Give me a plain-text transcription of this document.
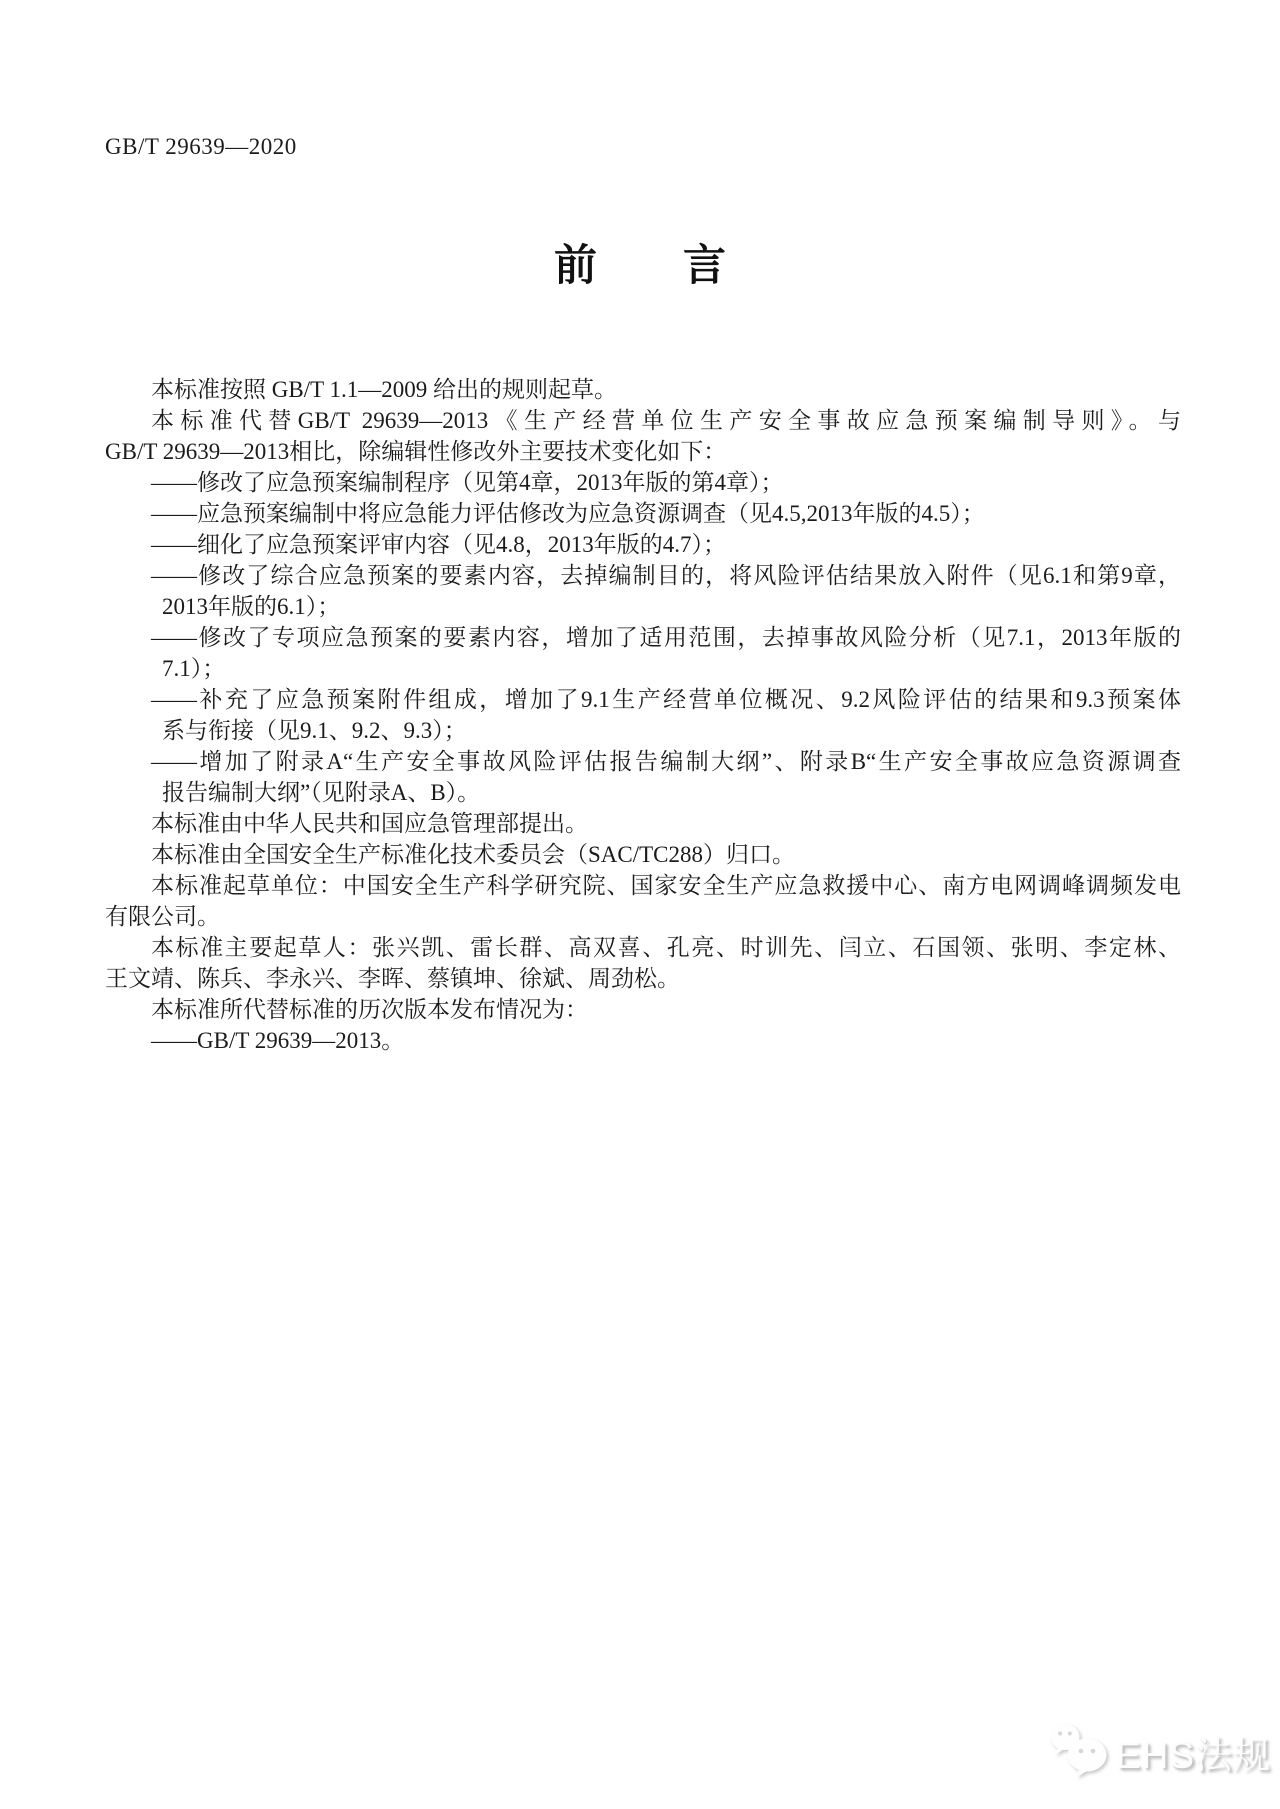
GB/T 29639—2020
前　　言
本标准按照 GB/T 1.1—2009 给出的规则起草。
本标准代替GB/T 29639—2013《生产经营单位生产安全事故应急预案编制导则》。与
GB/T 29639—2013相比，除编辑性修改外主要技术变化如下：
——修改了应急预案编制程序（见第4章，2013年版的第4章）；
——应急预案编制中将应急能力评估修改为应急资源调查（见4.5,2013年版的4.5）；
——细化了应急预案评审内容（见4.8，2013年版的4.7）；
——修改了综合应急预案的要素内容，去掉编制目的，将风险评估结果放入附件（见6.1和第9章，
2013年版的6.1）；
——修改了专项应急预案的要素内容，增加了适用范围，去掉事故风险分析（见7.1，2013年版的
7.1）；
——补充了应急预案附件组成，增加了9.1生产经营单位概况、9.2风险评估的结果和9.3预案体
系与衔接（见9.1、9.2、9.3）；
——增加了附录A“生产安全事故风险评估报告编制大纲”、附录B“生产安全事故应急资源调查
报告编制大纲”（见附录A、B）。
本标准由中华人民共和国应急管理部提出。
本标准由全国安全生产标准化技术委员会（SAC/TC288）归口。
本标准起草单位：中国安全生产科学研究院、国家安全生产应急救援中心、南方电网调峰调频发电
有限公司。
本标准主要起草人：张兴凯、雷长群、高双喜、孔亮、时训先、闫立、石国领、张明、李定林、
王文靖、陈兵、李永兴、李晖、蔡镇坤、徐斌、周劲松。
本标准所代替标准的历次版本发布情况为：
——GB/T 29639—2013。
EHS法规
